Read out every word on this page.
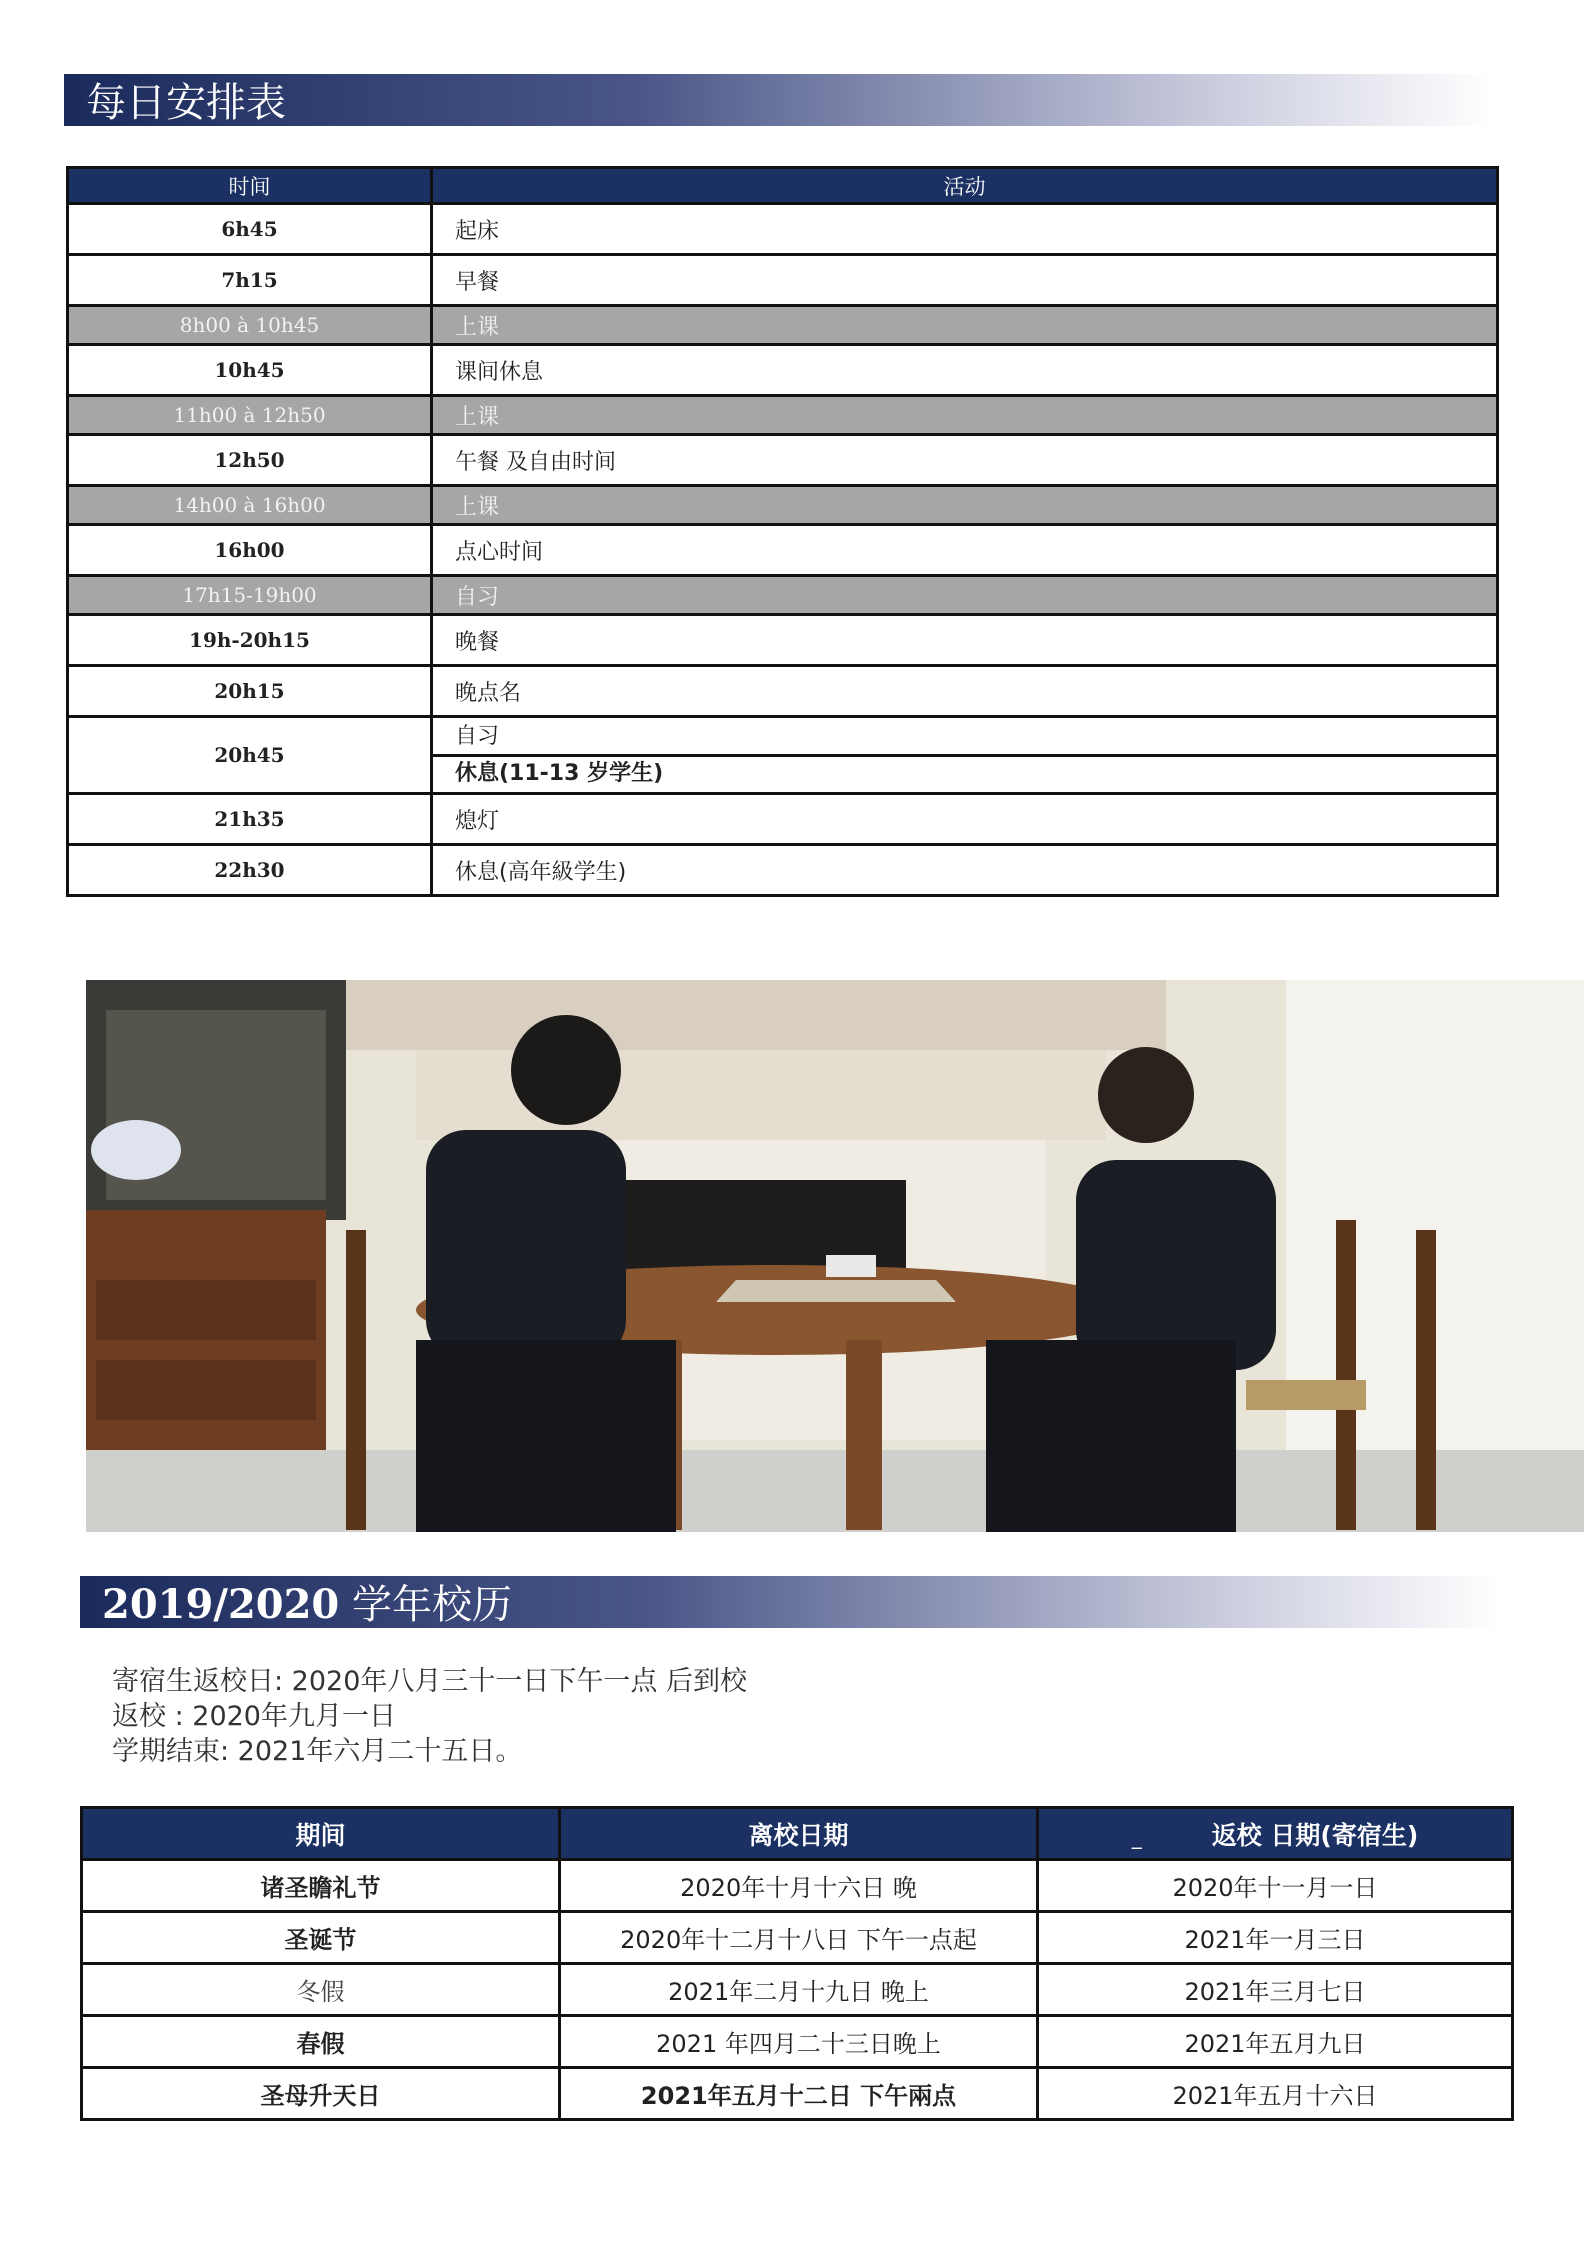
每日安排表
时间	活动
6h45	起床
7h15	早餐
8h00 à 10h45	上课
10h45	课间休息
11h00 à 12h50	上课
12h50	午餐 及自由时间
14h00 à 16h00	上课
16h00	点心时间
17h15-19h00	自习
19h-20h15	晚餐
20h15	晚点名
20h45	自习
休息(11-13 岁学生)

21h35	熄灯
22h30	休息(高年級学生)
2019/2020 学年校历
寄宿生返校日: 2020年八月三十一日下午一点 后到校
返校 : 2020年九月一日
学期结束: 2021年六月二十五日。
期间	离校日期	_ 返校 日期(寄宿生)
诸圣瞻礼节	2020年十月十六日 晚	2020年十一月一日
圣诞节	2020年十二月十八日 下午一点起	2021年一月三日
冬假	2021年二月十九日 晚上	2021年三月七日
春假	2021 年四月二十三日晚上	2021年五月九日
圣母升天日	2021年五月十二日 下午兩点	2021年五月十六日
